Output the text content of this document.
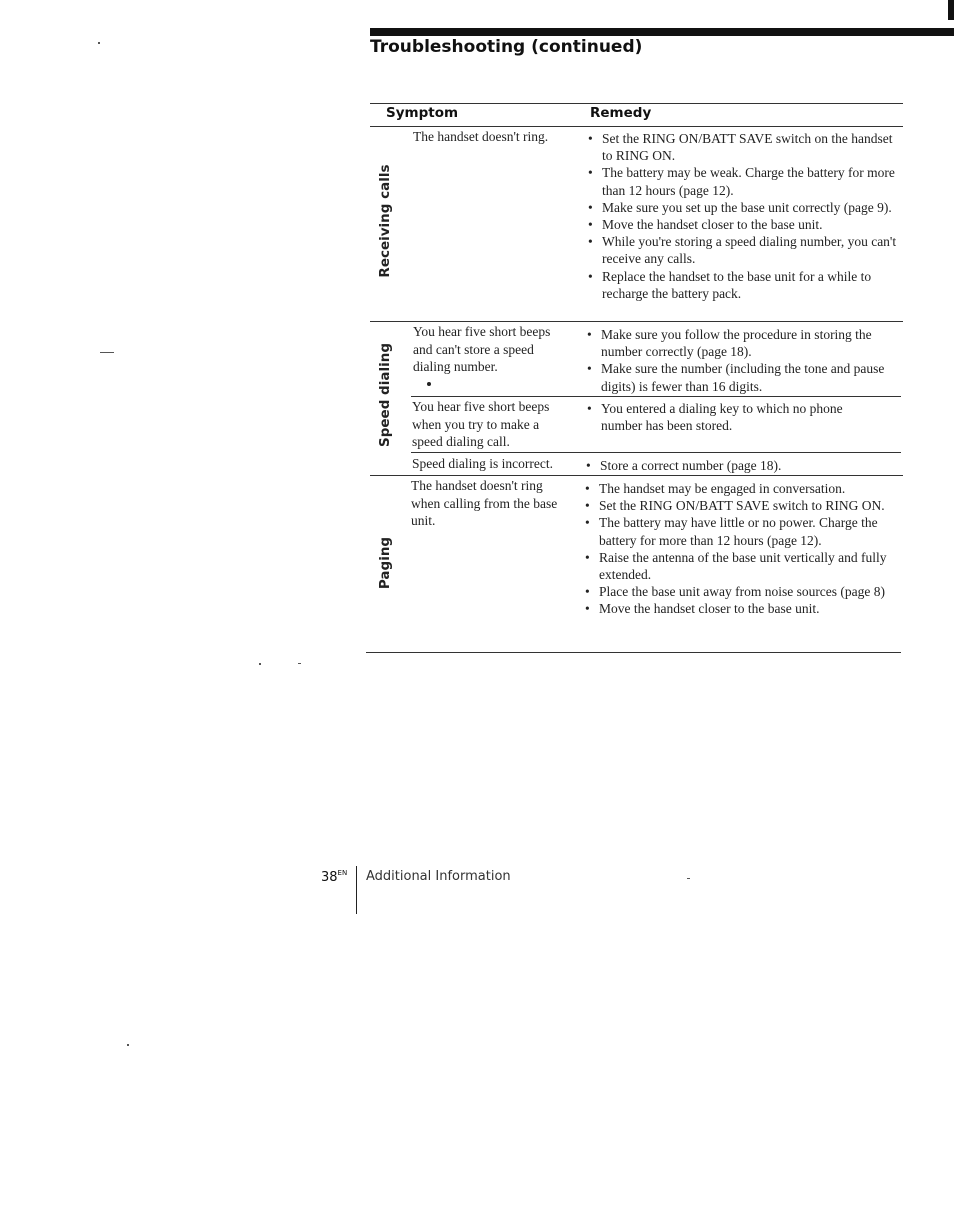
Troubleshooting (continued)
Symptom	Remedy
Receiving calls
The handset doesn't ring.	• Set the RING ON/BATT SAVE switch on the handset to RING ON.
• The battery may be weak. Charge the battery for more than 12 hours (page 12).
• Make sure you set up the base unit correctly (page 9).
• Move the handset closer to the base unit.
• While you're storing a speed dialing number, you can't receive any calls.
• Replace the handset to the base unit for a while to recharge the battery pack.
Speed dialing
You hear five short beeps and can't store a speed dialing number.
• Make sure you follow the procedure in storing the number correctly (page 18).
• Make sure the number (including the tone and pause digits) is fewer than 16 digits.
You hear five short beeps when you try to make a speed dialing call.
• You entered a dialing key to which no phone number has been stored.
Speed dialing is incorrect.	• Store a correct number (page 18).
Paging
The handset doesn't ring when calling from the base unit.
• The handset may be engaged in conversation.
• Set the RING ON/BATT SAVE switch to RING ON.
• The battery may have little or no power. Charge the battery for more than 12 hours (page 12).
• Raise the antenna of the base unit vertically and fully extended.
• Place the base unit away from noise sources (page 8)
• Move the handset closer to the base unit.
$38^{EN}$ Additional Information
